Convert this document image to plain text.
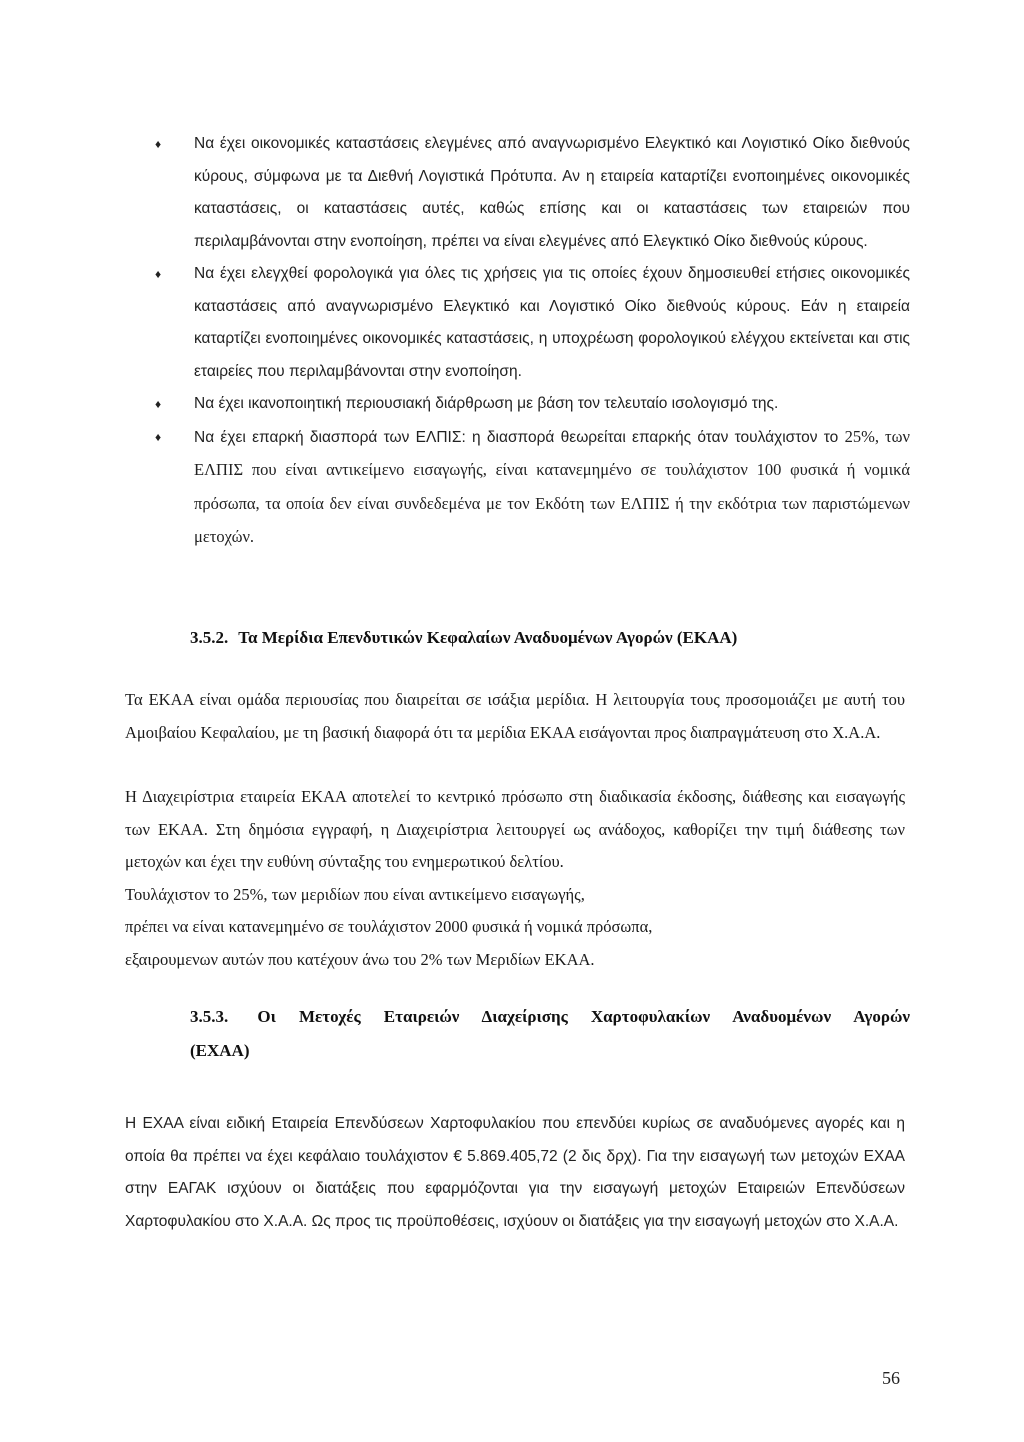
♦ Να έχει οικονομικές καταστάσεις ελεγμένες από αναγνωρισμένο Ελεγκτικό και Λογιστικό Οίκο διεθνούς κύρους, σύμφωνα με τα Διεθνή Λογιστικά Πρότυπα. Αν η εταιρεία καταρτίζει ενοποιημένες οικονομικές καταστάσεις, οι καταστάσεις αυτές, καθώς επίσης και οι καταστάσεις των εταιρειών που περιλαμβάνονται στην ενοποίηση, πρέπει να είναι ελεγμένες από Ελεγκτικό Οίκο διεθνούς κύρους.
♦ Να έχει ελεγχθεί φορολογικά για όλες τις χρήσεις για τις οποίες έχουν δημοσιευθεί ετήσιες οικονομικές καταστάσεις από αναγνωρισμένο Ελεγκτικό και Λογιστικό Οίκο διεθνούς κύρους. Εάν η εταιρεία καταρτίζει ενοποιημένες οικονομικές καταστάσεις, η υποχρέωση φορολογικού ελέγχου εκτείνεται και στις εταιρείες που περιλαμβάνονται στην ενοποίηση.
♦ Να έχει ικανοποιητική περιουσιακή διάρθρωση με βάση τον τελευταίο ισολογισμό της.
♦ Να έχει επαρκή διασπορά των ΕΛΠΙΣ: η διασπορά θεωρείται επαρκής όταν τουλάχιστον το 25%, των ΕΛΠΙΣ που είναι αντικείμενο εισαγωγής, είναι κατανεμημένο σε τουλάχιστον 100 φυσικά ή νομικά πρόσωπα, τα οποία δεν είναι συνδεδεμένα με τον Εκδότη των ΕΛΠΙΣ ή την εκδότρια των παριστώμενων μετοχών.
3.5.2. Τα Μερίδια Επενδυτικών Κεφαλαίων Αναδυομένων Αγορών (ΕΚΑΑ)

Τα ΕΚΑΑ είναι ομάδα περιουσίας που διαιρείται σε ισάξια μερίδια. Η λειτουργία τους προσομοιάζει με αυτή του Αμοιβαίου Κεφαλαίου, με τη βασική διαφορά ότι τα μερίδια ΕΚΑΑ εισάγονται προς διαπραγμάτευση στο Χ.Α.Α.

Η Διαχειρίστρια εταιρεία ΕΚΑΑ αποτελεί το κεντρικό πρόσωπο στη διαδικασία έκδοσης, διάθεσης και εισαγωγής των ΕΚΑΑ. Στη δημόσια εγγραφή, η Διαχειρίστρια λειτουργεί ως ανάδοχος, καθορίζει την τιμή διάθεσης των μετοχών και έχει την ευθύνη σύνταξης του ενημερωτικού δελτίου.

Τουλάχιστον το 25%, των μεριδίων που είναι αντικείμενο εισαγωγής,

πρέπει να είναι κατανεμημένο σε τουλάχιστον 2000 φυσικά ή νομικά πρόσωπα,

εξαιρουμενων αυτών που κατέχουν άνω του 2% των Μεριδίων ΕΚΑΑ.

3.5.3. Οι Μετοχές Εταιρειών Διαχείρισης Χαρτοφυλακίων Αναδυομένων Αγορών
(ΕΧΑΑ)

Η ΕΧΑΑ είναι ειδική Εταιρεία Επενδύσεων Χαρτοφυλακίου που επενδύει κυρίως σε αναδυόμενες αγορές και η οποία θα πρέπει να έχει κεφάλαιο τουλάχιστον € 5.869.405,72 (2 δις δρχ). Για την εισαγωγή των μετοχών ΕΧΑΑ στην ΕΑΓΑΚ ισχύουν οι διατάξεις που εφαρμόζονται για την εισαγωγή μετοχών Εταιρειών Επενδύσεων Χαρτοφυλακίου στο Χ.Α.Α. Ως προς τις προϋποθέσεις, ισχύουν οι διατάξεις για την εισαγωγή μετοχών στο Χ.Α.Α.

56
